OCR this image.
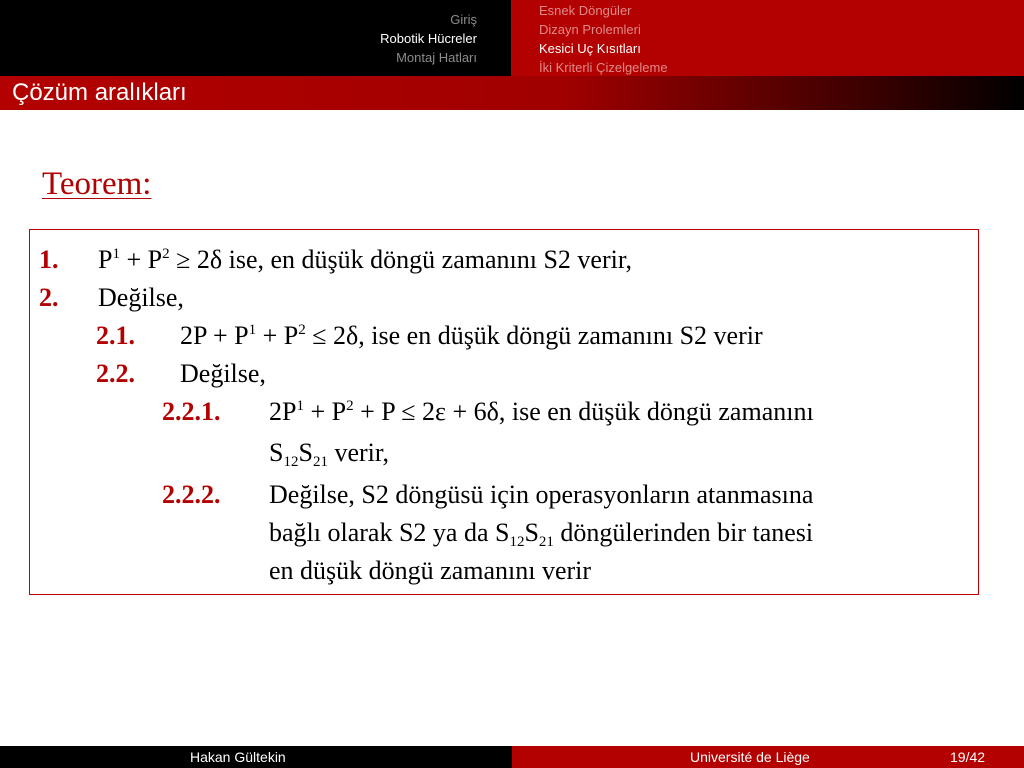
Giriş
Robotik Hücreler
Montaj Hatları
Esnek Döngüler
Dizayn Prolemleri
Kesici Uç Kısıtları
İki Kriterli Çizelgeleme
Çözüm aralıkları
Teorem:
1. $P^1 + P^2 \ge 2\delta$ ise, en düşük döngü zamanını S2 verir,
2. Değilse,
2.1. $2P + P^1 + P^2 \le 2\delta$, ise en düşük döngü zamanını S2 verir
2.2. Değilse,
2.2.1. $2P^1 + P^2 + P \le 2\varepsilon + 6\delta$, ise en düşük döngü zamanını
$S_{12}S_{21}$ verir,
2.2.2. Değilse, S2 döngüsü için operasyonların atanmasına
bağlı olarak S2 ya da $S_{12}S_{21}$ döngülerinden bir tanesi
en düşük döngü zamanını verir
Hakan Gültekin	Université de Liège	19/42
